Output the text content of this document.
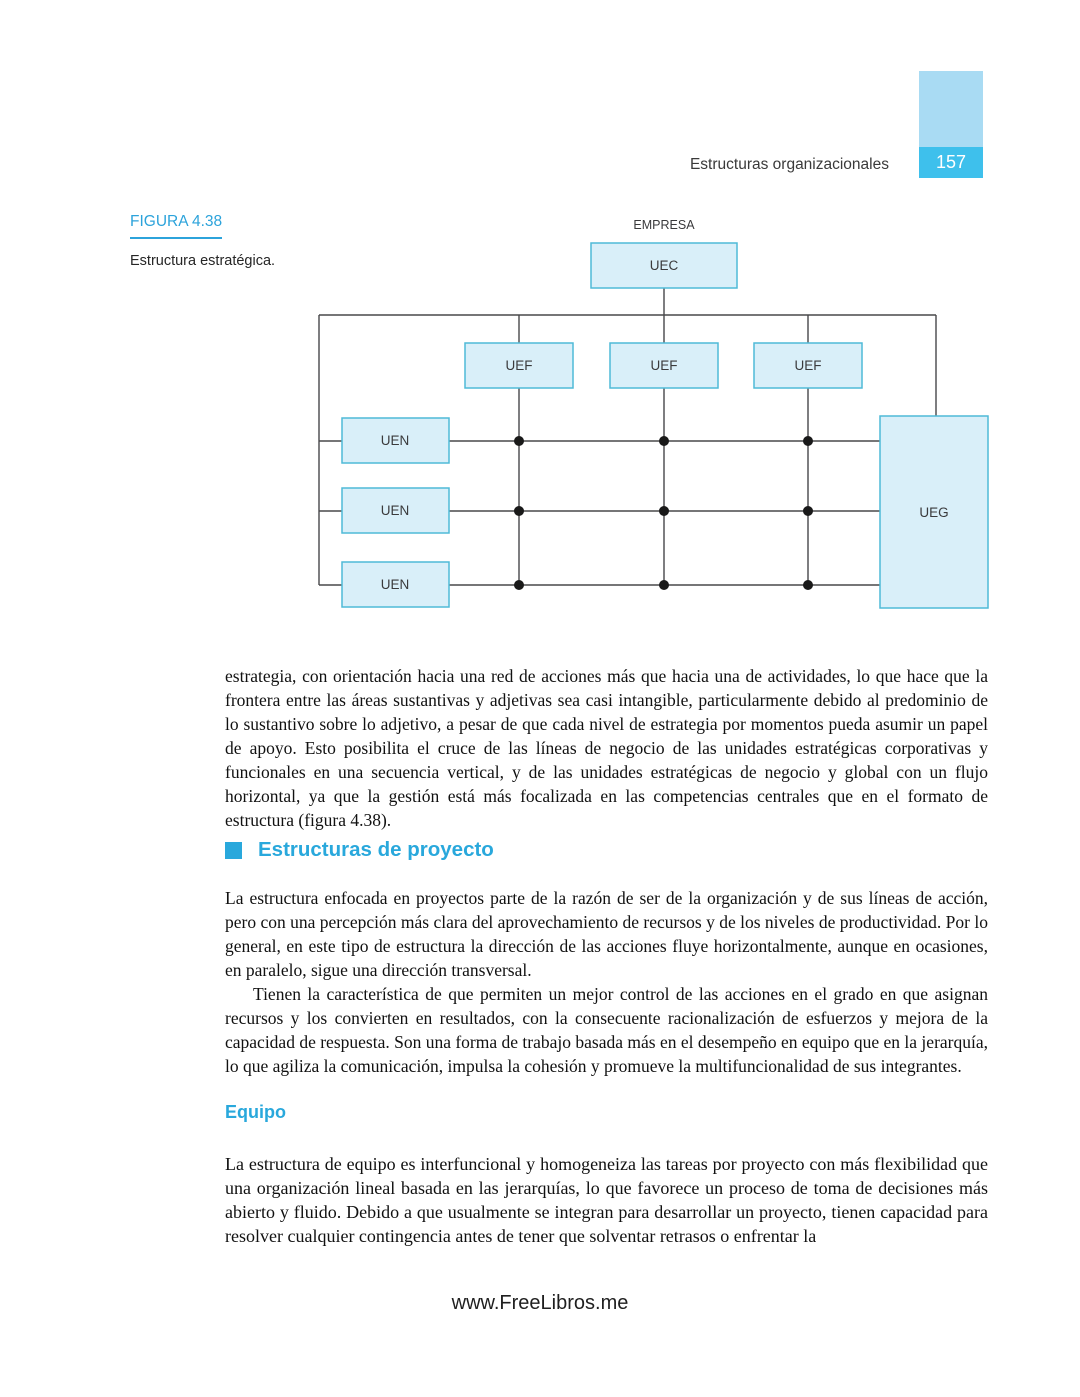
Estructuras organizacionales	157
FIGURA 4.38
Estructura estratégica.
EMPRESA
UEC
UEF	UEF	UEF
UEN
UEN
UEN
UEG

estrategia, con orientación hacia una red de acciones más que hacia una de actividades, lo que hace que la frontera entre las áreas sustantivas y adjetivas sea casi intangible, particularmente debido al predominio de lo sustantivo sobre lo adjetivo, a pesar de que cada nivel de estrategia por momentos pueda asumir un papel de apoyo. Esto posibilita el cruce de las líneas de negocio de las unidades estratégicas corporativas y funcionales en una secuencia vertical, y de las unidades estratégicas de negocio y global con un flujo horizontal, ya que la gestión está más focalizada en las competencias centrales que en el formato de estructura (figura 4.38).

Estructuras de proyecto

La estructura enfocada en proyectos parte de la razón de ser de la organización y de sus líneas de acción, pero con una percepción más clara del aprovechamiento de recursos y de los niveles de productividad. Por lo general, en este tipo de estructura la dirección de las acciones fluye horizontalmente, aunque en ocasiones, en paralelo, sigue una dirección transversal.

Tienen la característica de que permiten un mejor control de las acciones en el grado en que asignan recursos y los convierten en resultados, con la consecuente racionalización de esfuerzos y mejora de la capacidad de respuesta. Son una forma de trabajo basada más en el desempeño en equipo que en la jerarquía, lo que agiliza la comunicación, impulsa la cohesión y promueve la multifuncionalidad de sus integrantes.

Equipo

La estructura de equipo es interfuncional y homogeneiza las tareas por proyecto con más flexibilidad que una organización lineal basada en las jerarquías, lo que favorece un proceso de toma de decisiones más abierto y fluido. Debido a que usualmente se integran para desarrollar un proyecto, tienen capacidad para resolver cualquier contingencia antes de tener que solventar retrasos o enfrentar la

www.FreeLibros.me
